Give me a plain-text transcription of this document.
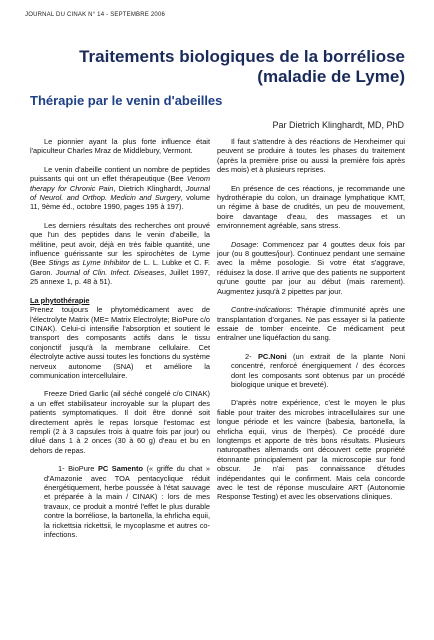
JOURNAL DU CINAK N° 14 - SEPTEMBRE 2006
Traitements biologiques de la borréliose
(maladie de Lyme)
Thérapie par le venin d'abeilles
Par Dietrich Klinghardt, MD, PhD

Le pionnier ayant la plus forte influence était l'apiculteur Charles Mraz de Middlebury, Vermont.

Le venin d'abeille contient un nombre de peptides puissants qui ont un effet thérapeutique (Bee Venom therapy for Chronic Pain, Dietrich Klinghardt, Journal of Neurol. and Orthop. Medicin and Surgery, volume 11, 9ème éd., octobre 1990, pages 195 à 197).

Les derniers résultats des recherches ont prouvé que l'un des peptides dans le venin d'abeille, la mélitine, peut avoir, déjà en très faible quantité, une influence guérissante sur les spirochètes de Lyme (Bee Stings as Lyme Inhibitor de L. L. Lubke et C. F. Garon. Journal of Clin. Infect. Diseases, Juillet 1997, 25 annexe 1, p. 48 à 51).

La phytothérapie

Prenez toujours le phytomédicament avec de l'électrolyte Matrix (ME= Matrix Electrolyte; BioPure c/o CINAK). Celui-ci intensifie l'absorption et soutient le transport des composants actifs dans le tissu conjonctif jusqu'à la membrane cellulaire. Cet électrolyte active aussi toutes les fonctions du système nerveux autonome (SNA) et améliore la communication intercellulaire.

Freeze Dried Garlic (ail séché congelé c/o CINAK) a un effet stabilisateur incroyable sur la plupart des patients symptomatiques. Il doit être donné soit directement après le repas lorsque l'estomac est rempli (2 à 3 capsules trois à quatre fois par jour) ou dilué dans 1 à 2 onces (30 à 60 g) d'eau et bu en dehors de repas.

1- BioPure PC Samento (« griffe du chat » d'Amazonie avec TOA pentacyclique réduit énergétiquement, herbe poussée à l'état sauvage et préparée à la main / CINAK) : lors de mes travaux, ce produit a montré l'effet le plus durable contre la borréliose, la bartonella, la ehrlicha equii, la rickettsia rickettsii, le mycoplasme et autres co-infections.

Il faut s'attendre à des réactions de Herxheimer qui peuvent se produire à toutes les phases du traitement (après la première prise ou aussi la première fois après des mois) et à plusieurs reprises.

En présence de ces réactions, je recommande une hydrothérapie du colon, un drainage lymphatique KMT, un régime à base de crudités, un peu de mouvement, boire davantage d'eau, des massages et un environnement agréable, sans stress.

Dosage: Commencez par 4 gouttes deux fois par jour (ou 8 gouttes/jour). Continuez pendant une semaine avec la même posologie. Si votre état s'aggrave, réduisez la dose. Il arrive que des patients ne supportent qu'une goutte par jour au début (mais rarement). Augmentez jusqu'à 2 pipettes par jour.

Contre-indications: Thérapie d'immunité après une transplantation d'organes. Ne pas essayer si la patiente essaie de tomber enceinte. Ce médicament peut entraîner une liquéfaction du sang.

2- PC.Noni (un extrait de la plante Noni concentré, renforcé énergiquement / des écorces dont les composants sont obtenus par un procédé biologique unique et breveté).

D'après notre expérience, c'est le moyen le plus fiable pour traiter des microbes intracellulaires sur une longue période et les vaincre (babesia, bartonella, la ehrlicha equii, virus de l'herpès). Ce procédé dure longtemps et apporte de très bons résultats. Plusieurs naturopathes allemands ont découvert cette propriété étonnante principalement par la microscopie sur fond obscur. Je n'ai pas connaissance d'études indépendantes qui le confirment. Mais cela concorde avec le test de réponse musculaire ART (Autonomie Response Testing) et avec les observations cliniques.
